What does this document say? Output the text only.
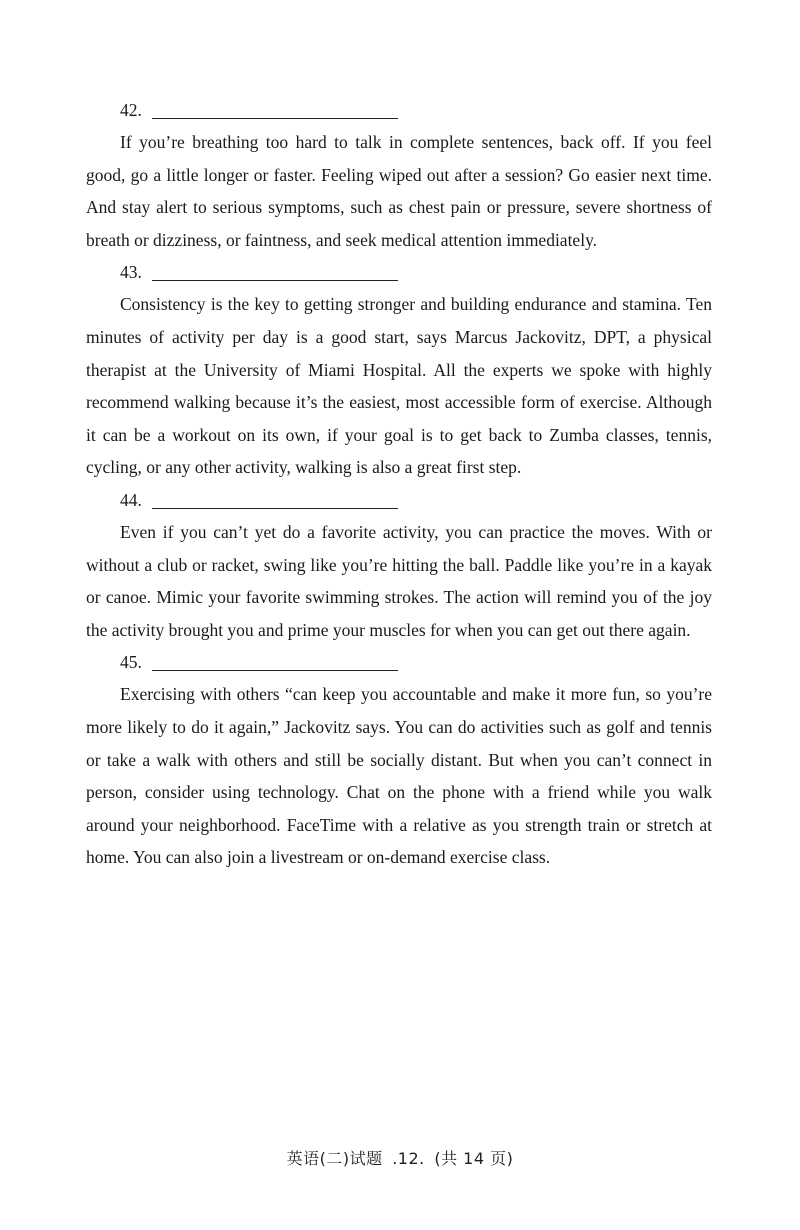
42.

If you’re breathing too hard to talk in complete sentences, back off. If you feel good, go a little longer or faster. Feeling wiped out after a session? Go easier next time. And stay alert to serious symptoms, such as chest pain or pressure, severe shortness of breath or dizziness, or faintness, and seek medical attention immediately.

43.

Consistency is the key to getting stronger and building endurance and stamina. Ten minutes of activity per day is a good start, says Marcus Jackovitz, DPT, a physical therapist at the University of Miami Hospital. All the experts we spoke with highly recommend walking because it’s the easiest, most accessible form of exercise. Although it can be a workout on its own, if your goal is to get back to Zumba classes, tennis, cycling, or any other activity, walking is also a great first step.

44.

Even if you can’t yet do a favorite activity, you can practice the moves. With or without a club or racket, swing like you’re hitting the ball. Paddle like you’re in a kayak or canoe. Mimic your favorite swimming strokes. The action will remind you of the joy the activity brought you and prime your muscles for when you can get out there again.

45.

Exercising with others “can keep you accountable and make it more fun, so you’re more likely to do it again,” Jackovitz says. You can do activities such as golf and tennis or take a walk with others and still be socially distant. But when you can’t connect in person, consider using technology. Chat on the phone with a friend while you walk around your neighborhood. FaceTime with a relative as you strength train or stretch at home. You can also join a livestream or on-demand exercise class.

英语(二)试题 .12. (共 14 页)
